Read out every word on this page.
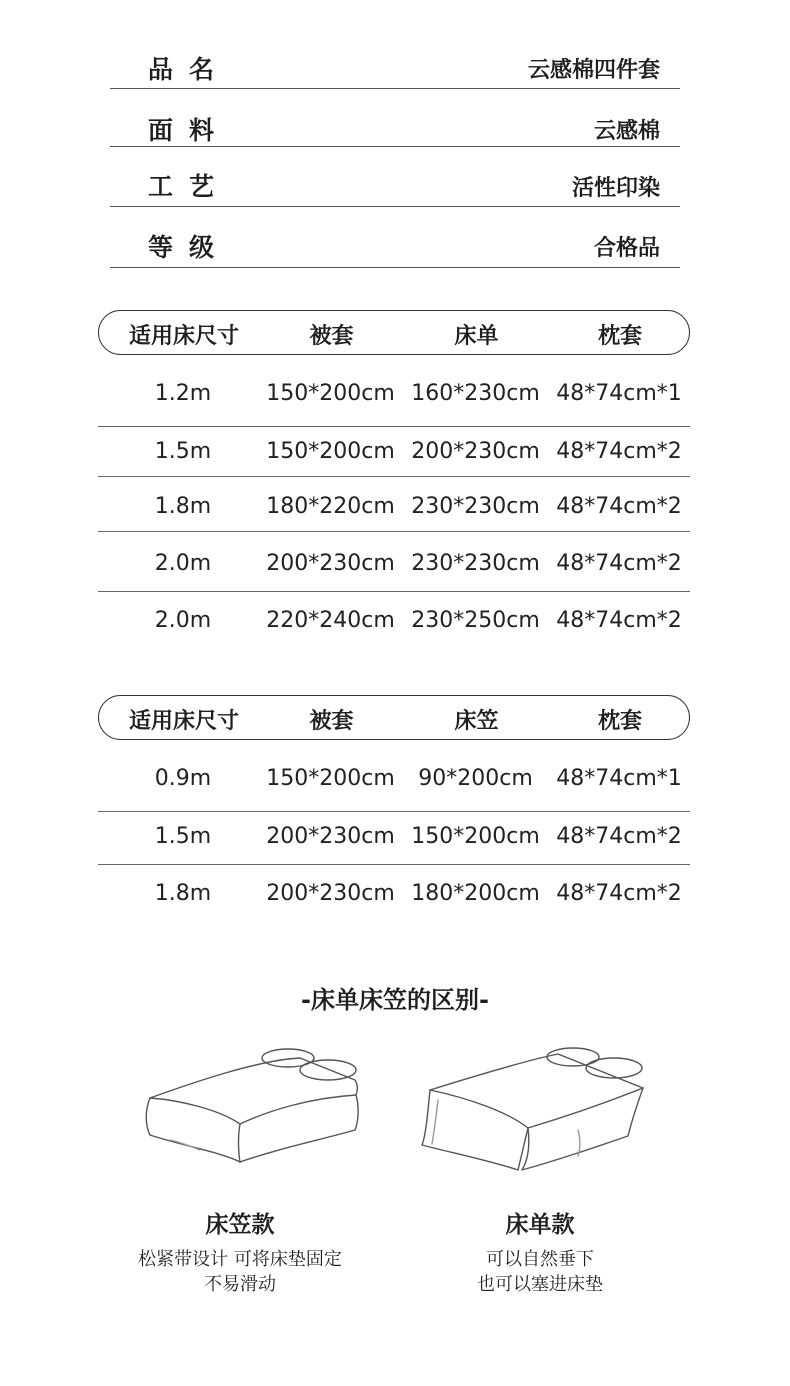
品名	云感棉四件套
面料	云感棉
工艺	活性印染
等级	合格品
适用床尺寸	被套	床单	枕套
1.2m	150*200cm 160*230cm 48*74cm*1
1.5m	150*200cm 200*230cm 48*74cm*2
1.8m	180*220cm 230*230cm 48*74cm*2
2.0m	200*230cm 230*230cm 48*74cm*2
2.0m	220*240cm 230*250cm 48*74cm*2
适用床尺寸	被套	床笠	枕套
0.9m	150*200cm	90*200cm	48*74cm*1
1.5m	200*230cm 150*200cm 48*74cm*2
1.8m	200*230cm 180*200cm 48*74cm*2
-床单床笠的区别-
床笠款
松紧带设计 可将床垫固定
不易滑动
床单款
可以自然垂下
也可以塞进床垫
